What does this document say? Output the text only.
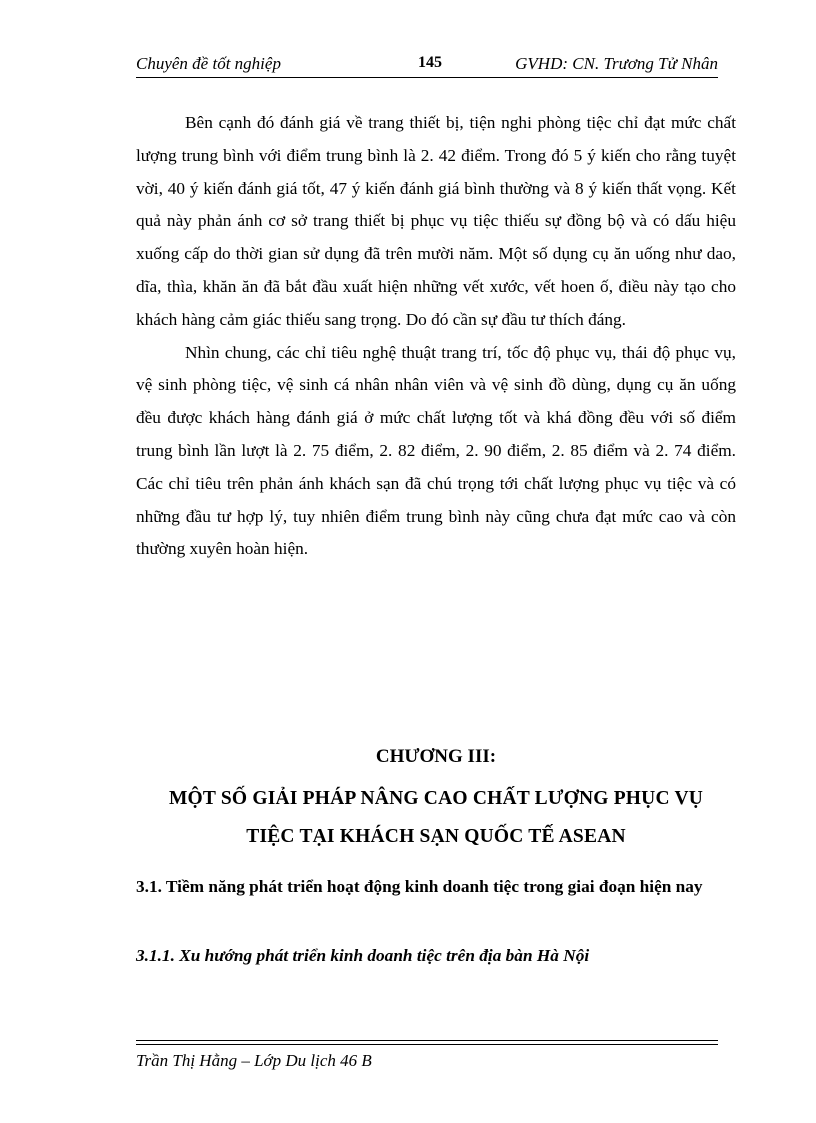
Chuyên đề tốt nghiệp	145	GVHD: CN. Trương Tử Nhân

Bên cạnh đó đánh giá về trang thiết bị, tiện nghi phòng tiệc chỉ đạt mức chất lượng trung bình với điểm trung bình là 2. 42 điểm. Trong đó 5 ý kiến cho rằng tuyệt vời, 40 ý kiến đánh giá tốt, 47 ý kiến đánh giá bình thường và 8 ý kiến thất vọng. Kết quả này phản ánh cơ sở trang thiết bị phục vụ tiệc thiếu sự đồng bộ và có dấu hiệu xuống cấp do thời gian sử dụng đã trên mười năm. Một số dụng cụ ăn uống như dao, dĩa, thìa, khăn ăn đã bắt đầu xuất hiện những vết xước, vết hoen ố, điều này tạo cho khách hàng cảm giác thiếu sang trọng. Do đó cần sự đầu tư thích đáng.

Nhìn chung, các chỉ tiêu nghệ thuật trang trí, tốc độ phục vụ, thái độ phục vụ, vệ sinh phòng tiệc, vệ sinh cá nhân nhân viên và vệ sinh đồ dùng, dụng cụ ăn uống đều được khách hàng đánh giá ở mức chất lượng tốt và khá đồng đều với số điểm trung bình lần lượt là 2. 75 điểm, 2. 82 điểm, 2. 90 điểm, 2. 85 điểm và 2. 74 điểm. Các chỉ tiêu trên phản ánh khách sạn đã chú trọng tới chất lượng phục vụ tiệc và có những đầu tư hợp lý, tuy nhiên điểm trung bình này cũng chưa đạt mức cao và còn thường xuyên hoàn hiện.

CHƯƠNG III:
MỘT SỐ GIẢI PHÁP NÂNG CAO CHẤT LƯỢNG PHỤC VỤ
TIỆC TẠI KHÁCH SẠN QUỐC TẾ ASEAN
3.1. Tiềm năng phát triển hoạt động kinh doanh tiệc trong giai đoạn hiện nay
3.1.1. Xu hướng phát triển kinh doanh tiệc trên địa bàn Hà Nội
Trần Thị Hằng – Lớp Du lịch 46 B
